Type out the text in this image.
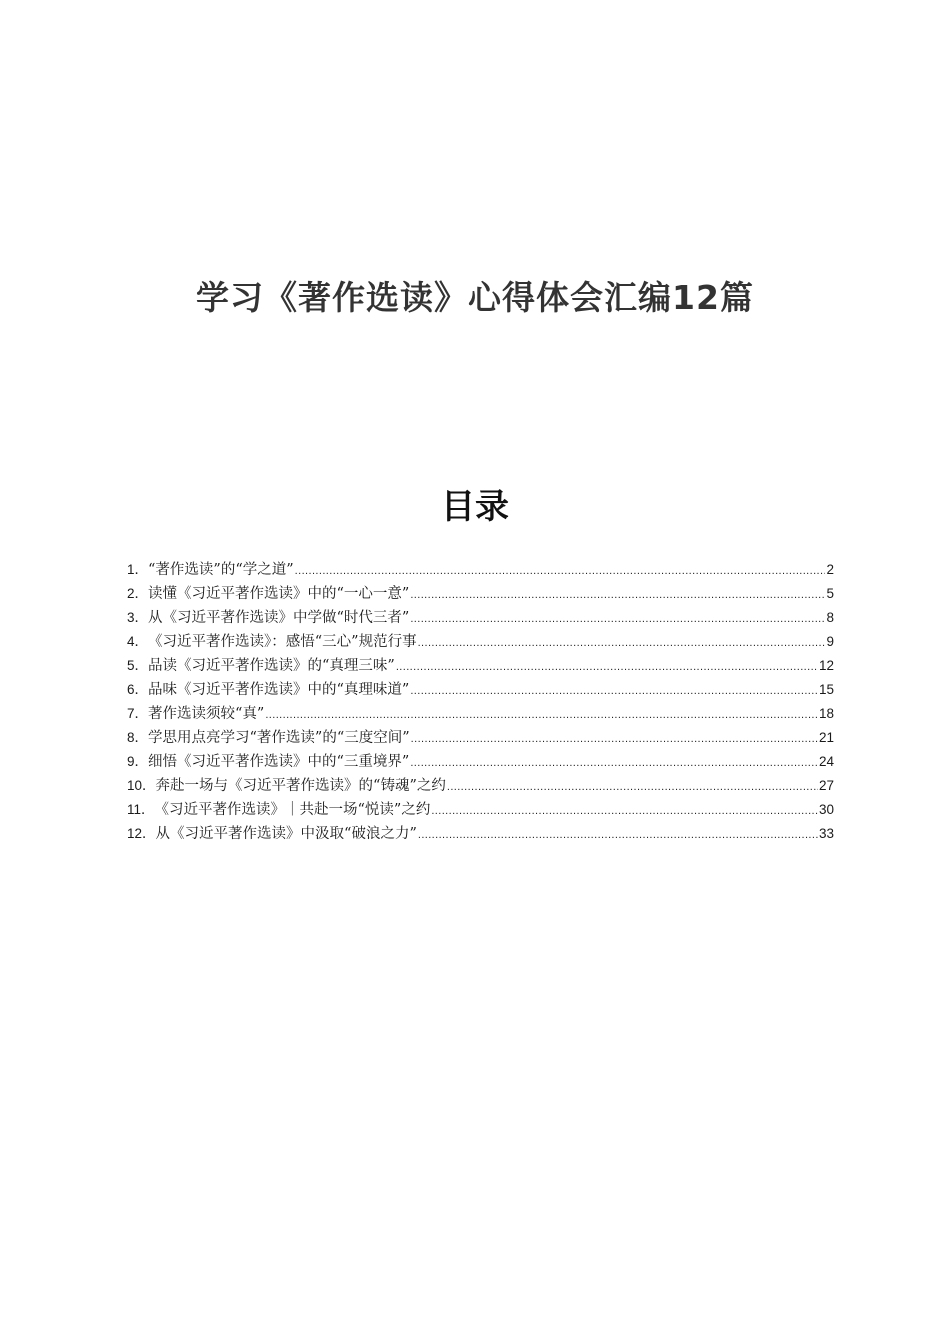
学习《著作选读》心得体会汇编12篇
目录
1． “著作选读”的“学之道” .....	2
2． 读懂《习近平著作选读》中的“一心一意” .....	5
3． 从《习近平著作选读》中学做“时代三者” .....	8
4． 《习近平著作选读》：感悟“三心”规范行事 .....	9
5． 品读《习近平著作选读》的“真理三味” .....	12
6． 品味《习近平著作选读》中的“真理味道” .....	15
7． 著作选读须较“真” .....	18
8． 学思用点亮学习“著作选读”的“三度空间” .....	21
9． 细悟《习近平著作选读》中的“三重境界” .....	24
10． 奔赴一场与《习近平著作选读》的“铸魂”之约 .....	27
11． 《习近平著作选读》｜共赴一场“悦读”之约 .....	30
12． 从《习近平著作选读》中汲取“破浪之力” .....	33
